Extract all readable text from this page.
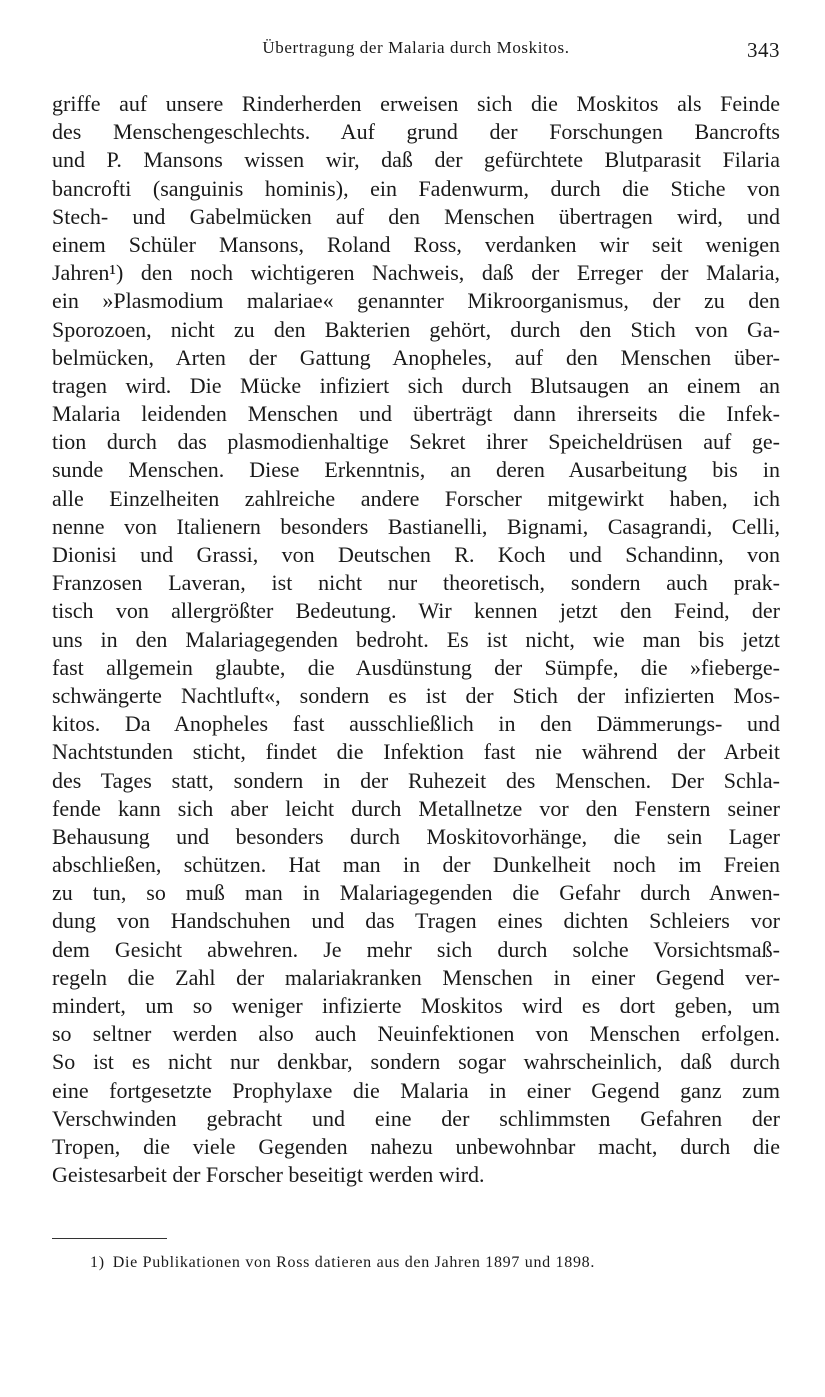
Übertragung der Malaria durch Moskitos.	343
griffe auf unsere Rinderherden erweisen sich die Moskitos als Feinde
des Menschengeschlechts. Auf grund der Forschungen Bancrofts
und P. Mansons wissen wir, daß der gefürchtete Blutparasit Filaria
bancrofti (sanguinis hominis), ein Fadenwurm, durch die Stiche von
Stech- und Gabelmücken auf den Menschen übertragen wird, und
einem Schüler Mansons, Roland Ross, verdanken wir seit wenigen
Jahren¹) den noch wichtigeren Nachweis, daß der Erreger der Malaria,
ein »Plasmodium malariae« genannter Mikroorganismus, der zu den
Sporozoen, nicht zu den Bakterien gehört, durch den Stich von Ga-
belmücken, Arten der Gattung Anopheles, auf den Menschen über-
tragen wird. Die Mücke infiziert sich durch Blutsaugen an einem an
Malaria leidenden Menschen und überträgt dann ihrerseits die Infek-
tion durch das plasmodienhaltige Sekret ihrer Speicheldrüsen auf ge-
sunde Menschen. Diese Erkenntnis, an deren Ausarbeitung bis in
alle Einzelheiten zahlreiche andere Forscher mitgewirkt haben, ich
nenne von Italienern besonders Bastianelli, Bignami, Casagrandi, Celli,
Dionisi und Grassi, von Deutschen R. Koch und Schandinn, von
Franzosen Laveran, ist nicht nur theoretisch, sondern auch prak-
tisch von allergrößter Bedeutung. Wir kennen jetzt den Feind, der
uns in den Malariagegenden bedroht. Es ist nicht, wie man bis jetzt
fast allgemein glaubte, die Ausdünstung der Sümpfe, die »fieberge-
schwängerte Nachtluft«, sondern es ist der Stich der infizierten Mos-
kitos. Da Anopheles fast ausschließlich in den Dämmerungs- und
Nachtstunden sticht, findet die Infektion fast nie während der Arbeit
des Tages statt, sondern in der Ruhezeit des Menschen. Der Schla-
fende kann sich aber leicht durch Metallnetze vor den Fenstern seiner
Behausung und besonders durch Moskitovorhänge, die sein Lager
abschließen, schützen. Hat man in der Dunkelheit noch im Freien
zu tun, so muß man in Malariagegenden die Gefahr durch Anwen-
dung von Handschuhen und das Tragen eines dichten Schleiers vor
dem Gesicht abwehren. Je mehr sich durch solche Vorsichtsmaß-
regeln die Zahl der malariakranken Menschen in einer Gegend ver-
mindert, um so weniger infizierte Moskitos wird es dort geben, um
so seltner werden also auch Neuinfektionen von Menschen erfolgen.
So ist es nicht nur denkbar, sondern sogar wahrscheinlich, daß durch
eine fortgesetzte Prophylaxe die Malaria in einer Gegend ganz zum
Verschwinden gebracht und eine der schlimmsten Gefahren der
Tropen, die viele Gegenden nahezu unbewohnbar macht, durch die
Geistesarbeit der Forscher beseitigt werden wird.
1) Die Publikationen von Ross datieren aus den Jahren 1897 und 1898.
